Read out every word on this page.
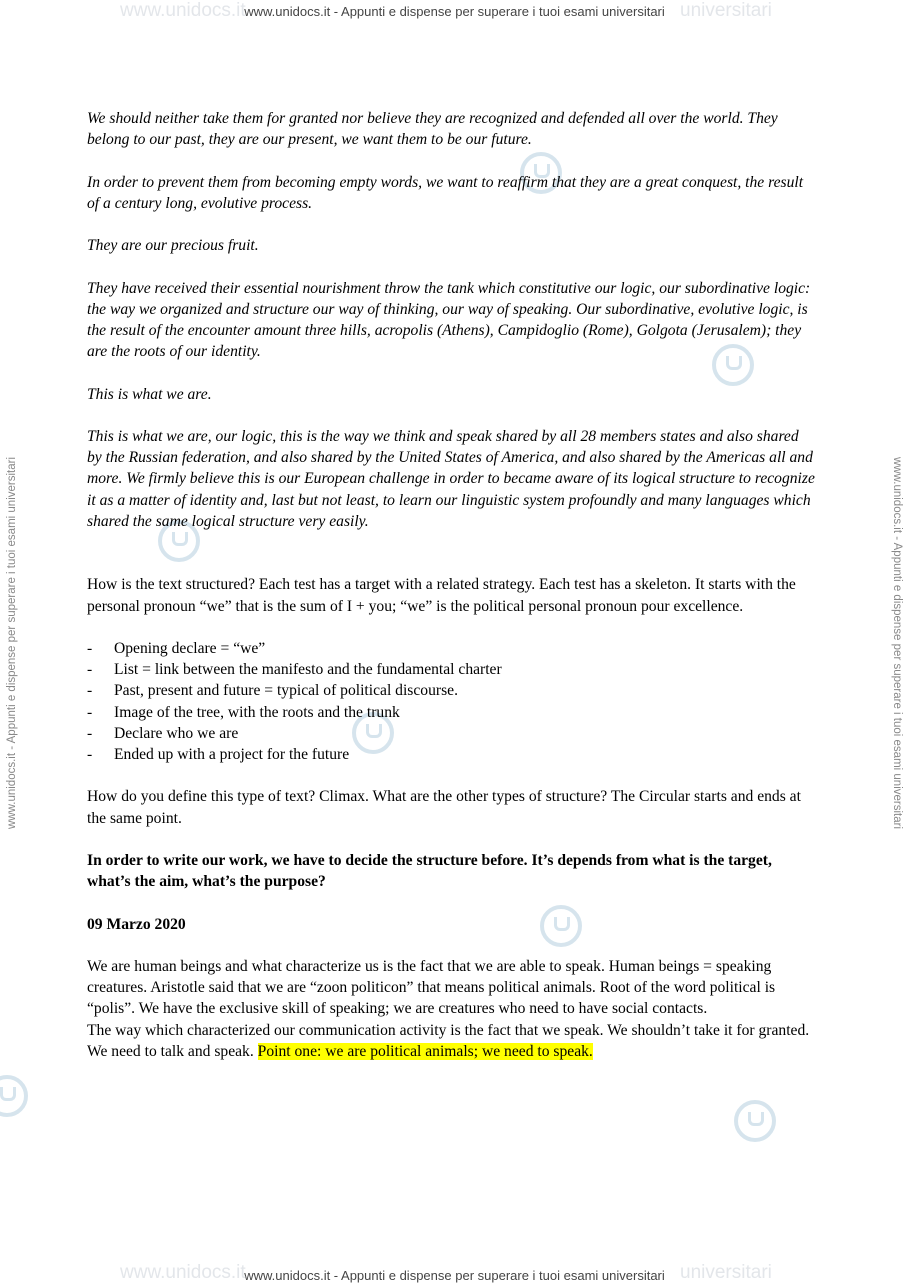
www.unidocs.it - Appunti e dispense per superare i tuoi esami universitari
www.unidocs.it - Appunti e dispense per superare i tuoi esami universitari
www.unidocs.it	universitari
www.unidocs.it	universitari
www.unidocs.it - Appunti e dispense per superare i tuoi esami universitari	www.unidocs.it - Appunti e dispense per superare i tuoi esami universitari

We should neither take them for granted nor believe they are recognized and defended all over the world. They belong to our past, they are our present, we want them to be our future.

In order to prevent them from becoming empty words, we want to reaffirm that they are a great conquest, the result of a century long, evolutive process.

They are our precious fruit.

They have received their essential nourishment throw the tank which constitutive our logic, our subordinative logic: the way we organized and structure our way of thinking, our way of speaking. Our subordinative, evolutive logic, is the result of the encounter amount three hills, acropolis (Athens), Campidoglio (Rome), Golgota (Jerusalem); they are the roots of our identity.

This is what we are.

This is what we are, our logic, this is the way we think and speak shared by all 28 members states and also shared by the Russian federation, and also shared by the United States of America, and also shared by the Americas all and more. We firmly believe this is our European challenge in order to became aware of its logical structure to recognize it as a matter of identity and, last but not least, to learn our linguistic system profoundly and many languages which shared the same logical structure very easily.

How is the text structured? Each test has a target with a related strategy. Each test has a skeleton. It starts with the personal pronoun “we” that is the sum of I + you; “we” is the political personal pronoun pour excellence.

- Opening declare = “we”
- List = link between the manifesto and the fundamental charter
- Past, present and future = typical of political discourse.
- Image of the tree, with the roots and the trunk
- Declare who we are
- Ended up with a project for the future

How do you define this type of text? Climax. What are the other types of structure? The Circular starts and ends at the same point.

In order to write our work, we have to decide the structure before. It’s depends from what is the target, what’s the aim, what’s the purpose?

09 Marzo 2020

We are human beings and what characterize us is the fact that we are able to speak. Human beings = speaking creatures. Aristotle said that we are “zoon politicon” that means political animals. Root of the word political is “polis”. We have the exclusive skill of speaking; we are creatures who need to have social contacts.

The way which characterized our communication activity is the fact that we speak. We shouldn’t take it for granted. We need to talk and speak. Point one: we are political animals; we need to speak.
